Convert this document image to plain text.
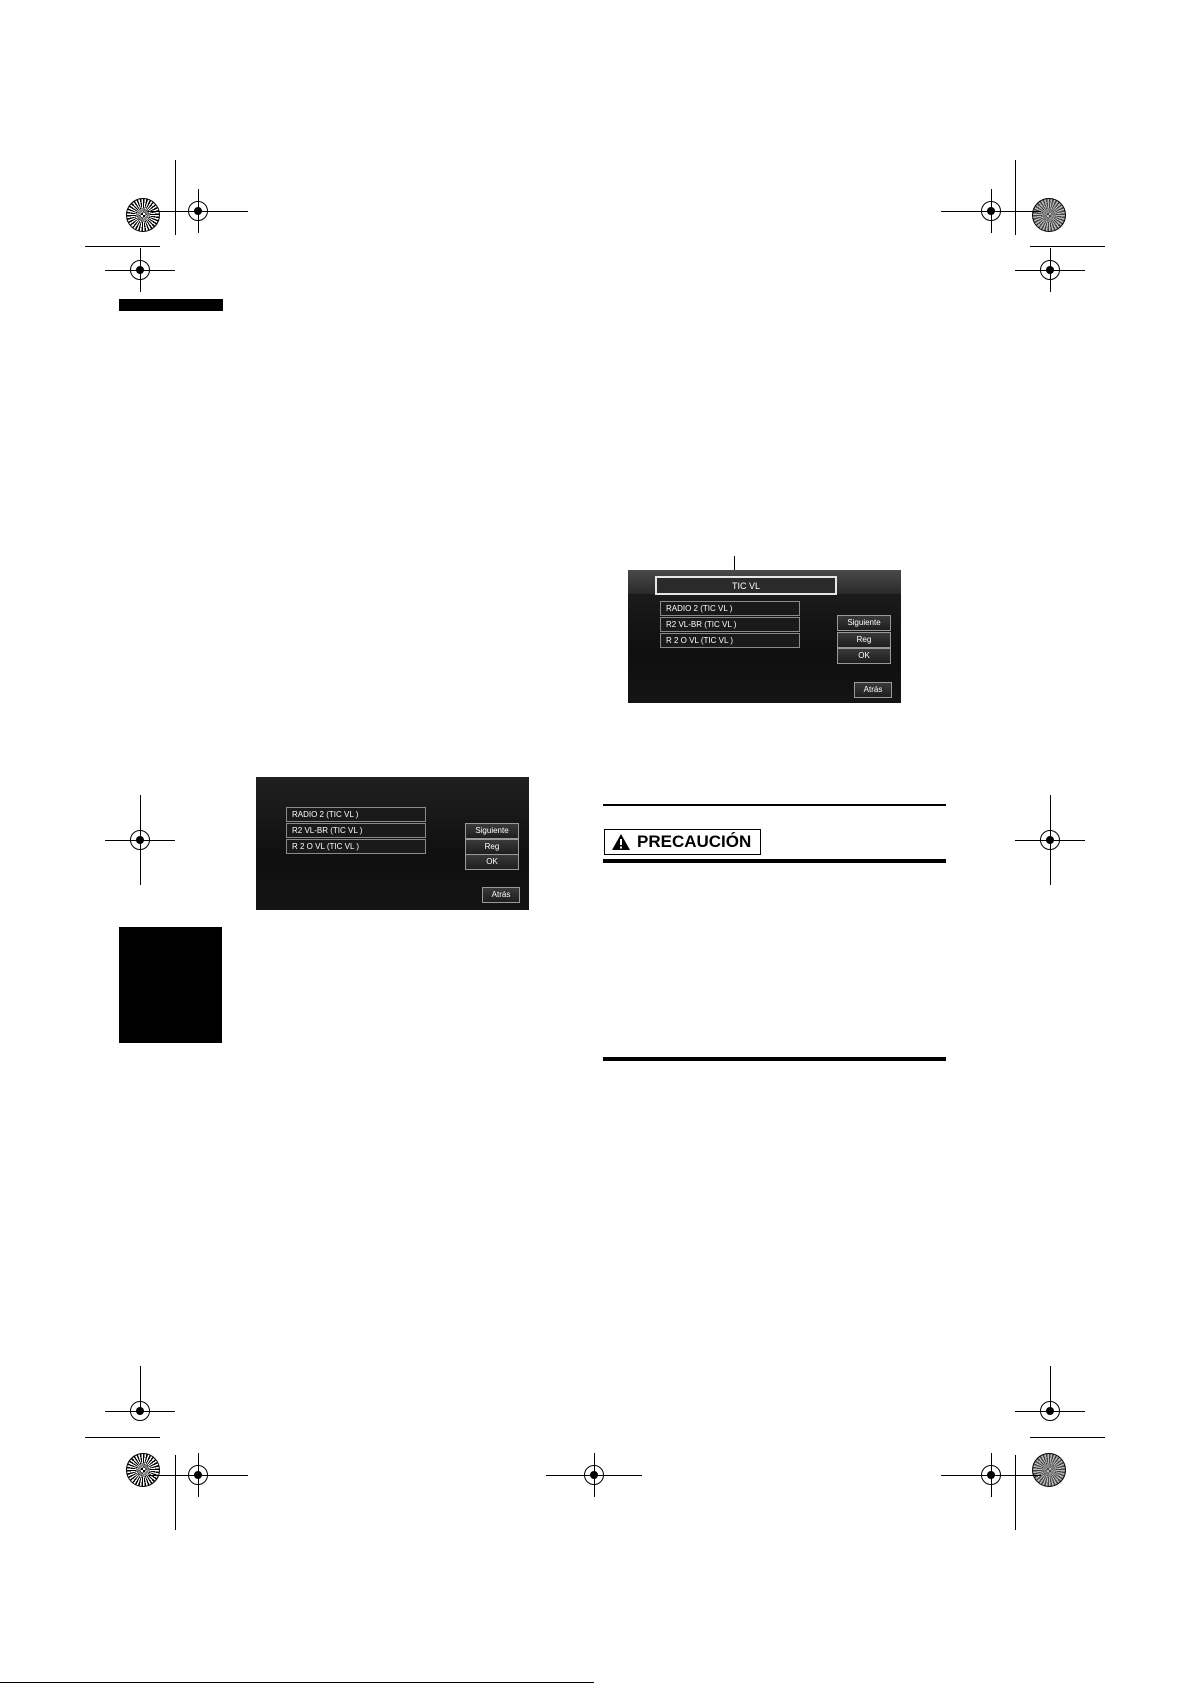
TIC VL
RADIO 2 (TIC VL )
R2 VL-BR (TIC VL )
R 2 O VL (TIC VL )
Siguiente
Reg
OK
Atrás
RADIO 2 (TIC VL )
R2 VL-BR (TIC VL )
R 2 O VL (TIC VL )
Siguiente
Reg
OK
Atrás
PRECAUCIÓN
